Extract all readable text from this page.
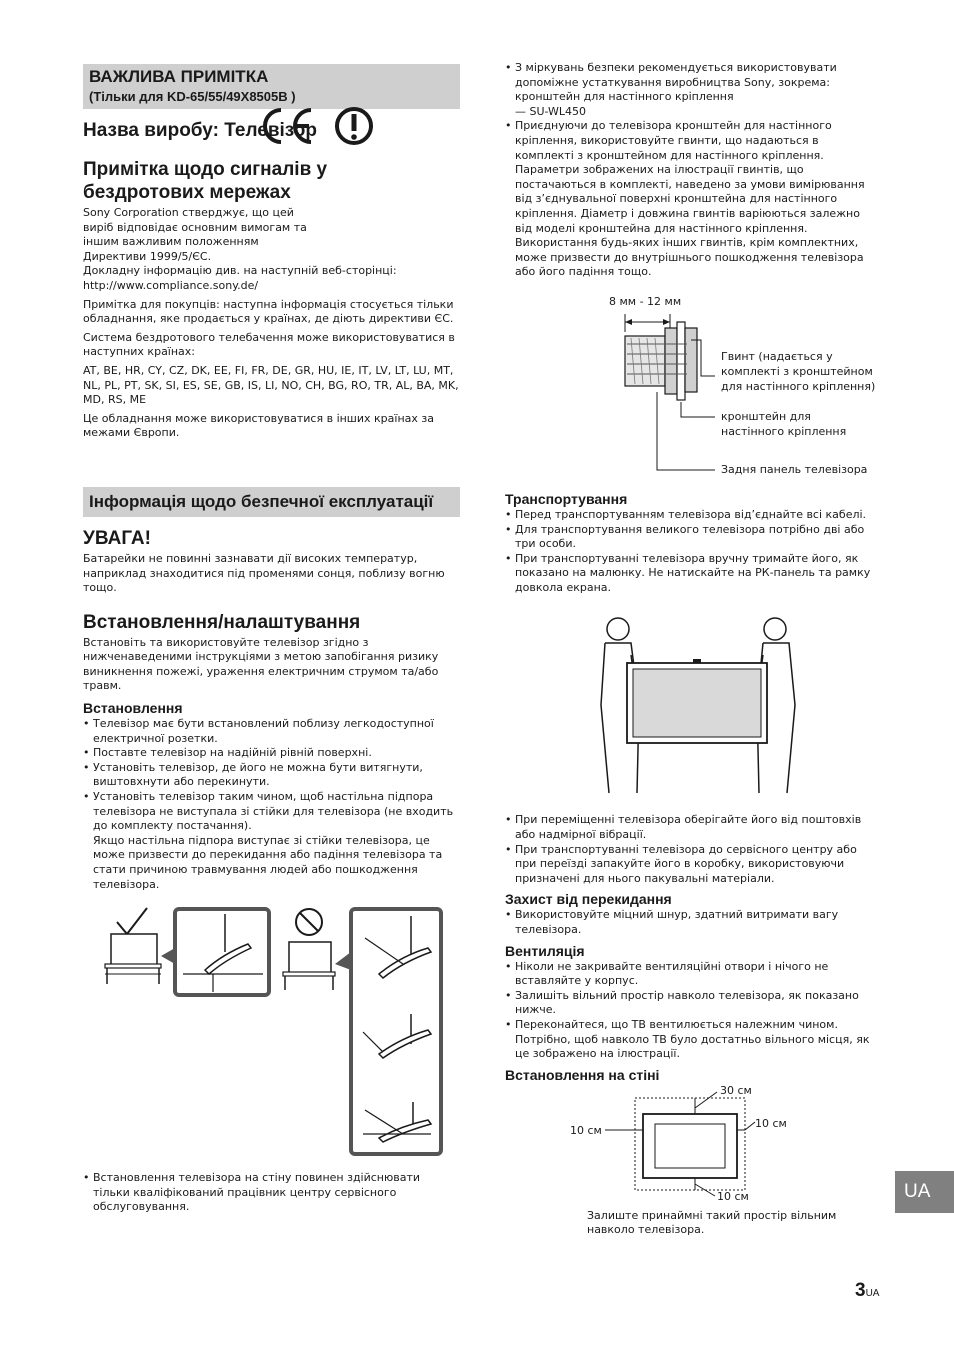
ВАЖЛИВА ПРИМІТКА
(Тільки для KD-65/55/49X8505B )
Назва виробу: Телевізор
Примітка щодо сигналів у
бездротових мережах

Sony Corporation стверджує, що цей виріб відповідає основним вимогам та іншим важливим положенням Директиви 1999/5/ЄС.

Докладну інформацію див. на наступній веб-сторінці: http://www.compliance.sony.de/

Примітка для покупців: наступна інформація стосується тільки обладнання, яке продається у країнах, де діють директиви ЄС.

Система бездротового телебачення може використовуватися в наступних країнах:

AT, BE, HR, CY, CZ, DK, EE, FI, FR, DE, GR, HU, IE, IT, LV, LT, LU, MT, NL, PL, PT, SK, SI, ES, SE, GB, IS, LI, NO, CH, BG, RO, TR, AL, BA, MK, MD, RS, ME

Це обладнання може використовуватися в інших країнах за межами Європи.

Інформація щодо безпечної експлуатації
УВАГА!

Батарейки не повинні зазнавати дії високих температур, наприклад знаходитися під променями сонця, поблизу вогню тощо.

Встановлення/налаштування

Встановіть та використовуйте телевізор згідно з нижченаведеними інструкціями з метою запобігання ризику виникнення пожежі, ураження електричним струмом та/або травм.

Встановлення
• Телевізор має бути встановлений поблизу легкодоступної електричної розетки.
• Поставте телевізор на надійній рівній поверхні.
• Установіть телевізор, де його не можна бути витягнути, виштовхнути або перекинути.
• Установіть телевізор таким чином, щоб настільна підпора телевізора не виступала зі стійки для телевізора (не входить до комплекту постачання).
Якщо настільна підпора виступає зі стійки телевізора, це може призвести до перекидання або падіння телевізора та стати причиною травмування людей або пошкодження телевізора.
• Встановлення телевізора на стіну повинен здійснювати тільки кваліфікований працівник центру сервісного обслуговування.
• З міркувань безпеки рекомендується використовувати допоміжне устаткування виробництва Sony, зокрема: кронштейн для настінного кріплення
— SU-WL450
• Приєднуючи до телевізора кронштейн для настінного кріплення, використовуйте гвинти, що надаються в комплекті з кронштейном для настінного кріплення. Параметри зображених на ілюстрації гвинтів, що постачаються в комплекті, наведено за умови вимірювання від з’єднувальної поверхні кронштейна для настінного кріплення. Діаметр і довжина гвинтів варіюються залежно від моделі кронштейна для настінного кріплення. Використання будь-яких інших гвинтів, крім комплектних, може призвести до внутрішнього пошкодження телевізора або його падіння тощо.
8 мм - 12 мм
Гвинт (надається у
комплекті з кронштейном
для настінного кріплення)
кронштейн для
настінного кріплення
Задня панель телевізора
Транспортування
• Перед транспортуванням телевізора від’єднайте всі кабелі.
• Для транспортування великого телевізора потрібно дві або три особи.
• При транспортуванні телевізора вручну тримайте його, як показано на малюнку. Не натискайте на РК-панель та рамку довкола екрана.
• При переміщенні телевізора оберігайте його від поштовхів або надмірної вібрації.
• При транспортуванні телевізора до сервісного центру або при переїзді запакуйте його в коробку, використовуючи призначені для нього пакувальні матеріали.
Захист від перекидання
• Використовуйте міцний шнур, здатний витримати вагу телевізора.
Вентиляція
• Ніколи не закривайте вентиляційні отвори і нічого не вставляйте у корпус.
• Залишіть вільний простір навколо телевізора, як показано нижче.
• Переконайтеся, що ТВ вентилюється належним чином. Потрібно, щоб навколо ТВ було достатньо вільного місця, як це зображено на ілюстрації.
Встановлення на стіні
30 см
10 см
10 см
10 см

Залиште принаймні такий простір вільним навколо телевізора.

UA
3UA
